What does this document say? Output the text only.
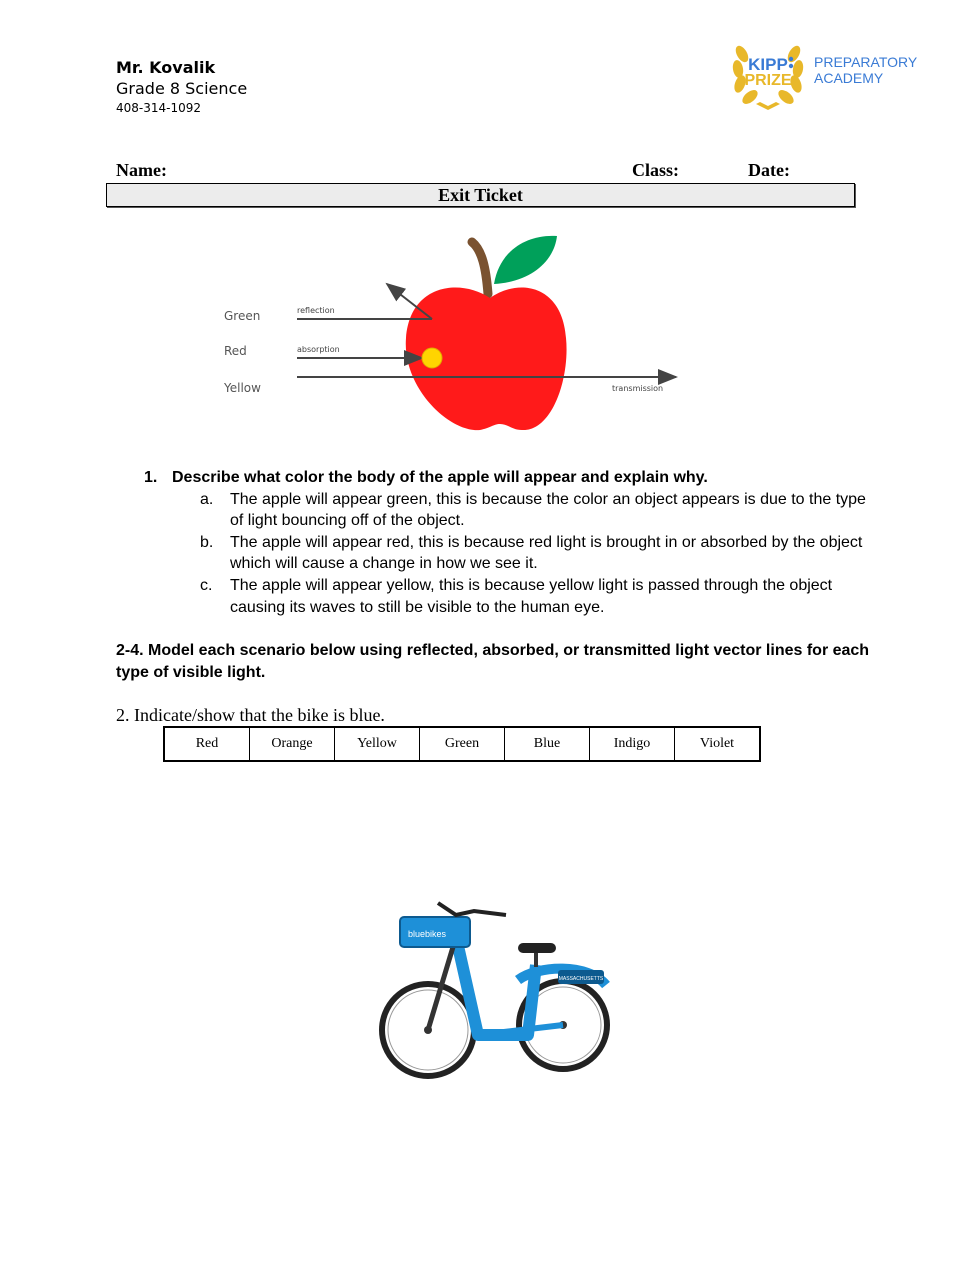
Mr. Kovalik
Grade 8 Science
408-314-1092
KIPP
PRIZE
PREPARATORY
ACADEMY
Name:	Class:	Date:
Exit Ticket
Green
Red
Yellow
reflection
absorption
transmission
1. Describe what color the body of the apple will appear and explain why.
a. The apple will appear green, this is because the color an object appears is due to the type of light bouncing off of the object.
b. The apple will appear red, this is because red light is brought in or absorbed by the object which will cause a change in how we see it.
c. The apple will appear yellow, this is because yellow light is passed through the object causing its waves to still be visible to the human eye.
2-4. Model each scenario below using reflected, absorbed, or transmitted light vector lines for each type of visible light.
2. Indicate/show that the bike is blue.
Red	Orange	Yellow	Green	Blue	Indigo	Violet
bluebikes
MASSACHUSETTS
